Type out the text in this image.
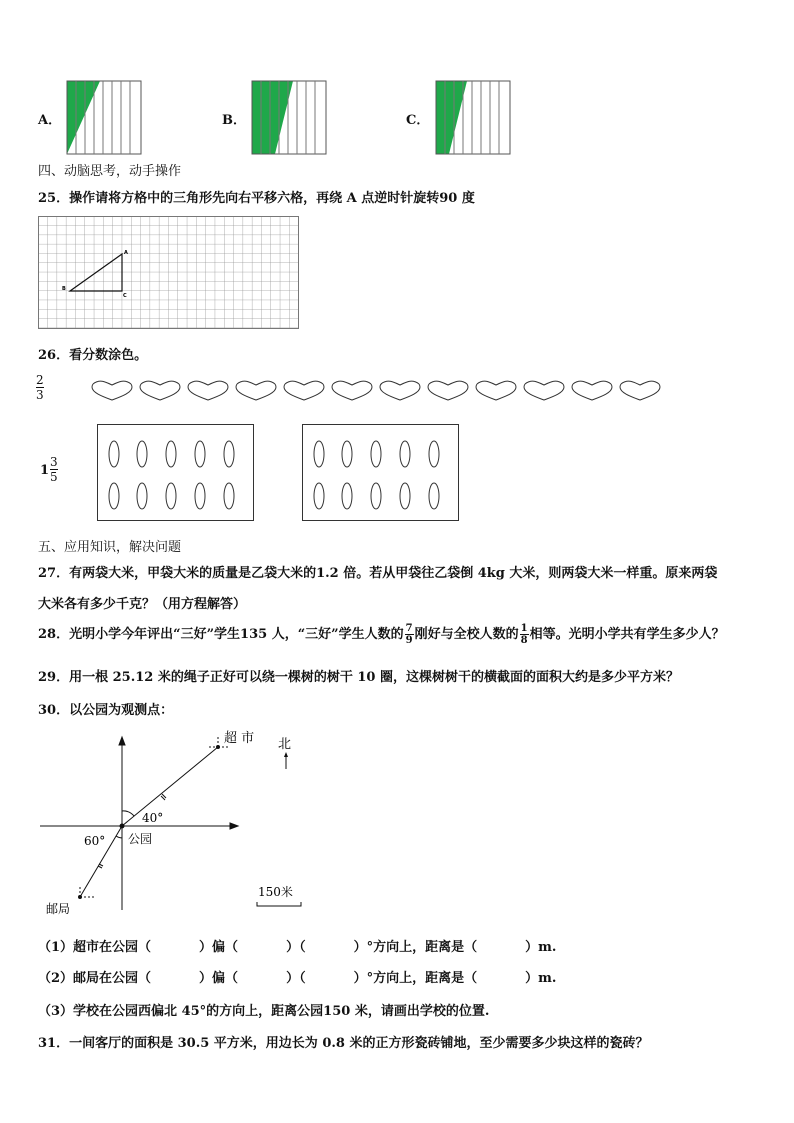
A．	B．	C．
四、动脑思考，动手操作
25．操作请将方格中的三角形先向右平移六格，再绕 A 点逆时针旋转90 度
A
B
C
26．看分数涂色。
$\frac{2}{3}$
$1 \frac{3}{5}$
五、应用知识，解决问题
27．有两袋大米，甲袋大米的质量是乙袋大米的1.2 倍。若从甲袋往乙袋倒 4kg 大米，则两袋大米一样重。原来两袋
大米各有多少千克？（用方程解答）
28．光明小学今年评出“三好”学生135 人，“三好”学生人数的 $\frac{7}{9}$ 刚好与全校人数的 $\frac{1}{8}$ 相等。光明小学共有学生多少人？
29．用一根 25.12 米的绳子正好可以绕一棵树的树干 10 圈，这棵树树干的横截面的面积大约是多少平方米？
30．以公园为观测点：
超 市
40°
60° 公园
邮局
北
150米
（1）超市在公园（	）偏（	）（	）°方向上，距离是（	）m.
（2）邮局在公园（	）偏（	）（	）°方向上，距离是（	）m.
（3）学校在公园西偏北 45°的方向上，距离公园150 米，请画出学校的位置.
31．一间客厅的面积是 30.5 平方米，用边长为 0.8 米的正方形瓷砖铺地，至少需要多少块这样的瓷砖？
